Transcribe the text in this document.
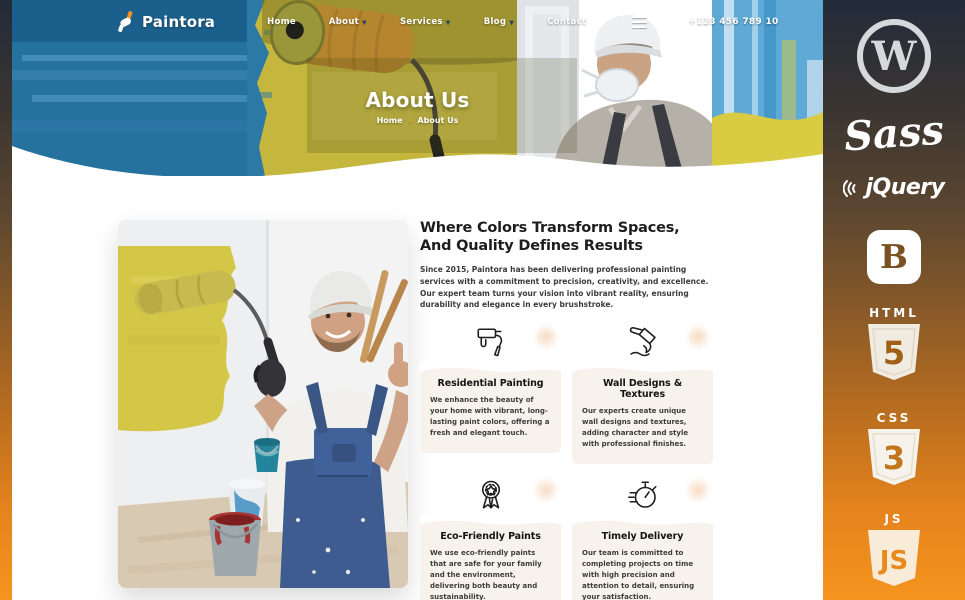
Paintora	Home	About ▼	Services ▼	Blog ▼	Contact	+123 456 789 10
About Us
Home › About Us
Where Colors Transform Spaces, And Quality Defines Results

Since 2015, Paintora has been delivering professional painting services with a commitment to precision, creativity, and excellence. Our expert team turns your vision into vibrant reality, ensuring durability and elegance in every brushstroke.

Residential Painting

We enhance the beauty of your home with vibrant, long-lasting paint colors, offering a fresh and elegant touch.

Wall Designs & Textures

Our experts create unique wall designs and textures, adding character and style with professional finishes.

Eco-Friendly Paints

We use eco-friendly paints that are safe for your family and the environment, delivering both beauty and sustainability.

Timely Delivery

Our team is committed to completing projects on time with high precision and attention to detail, ensuring your satisfaction.

W
Sass
jQuery
B
HTML
5
CSS
3
JS
JS
